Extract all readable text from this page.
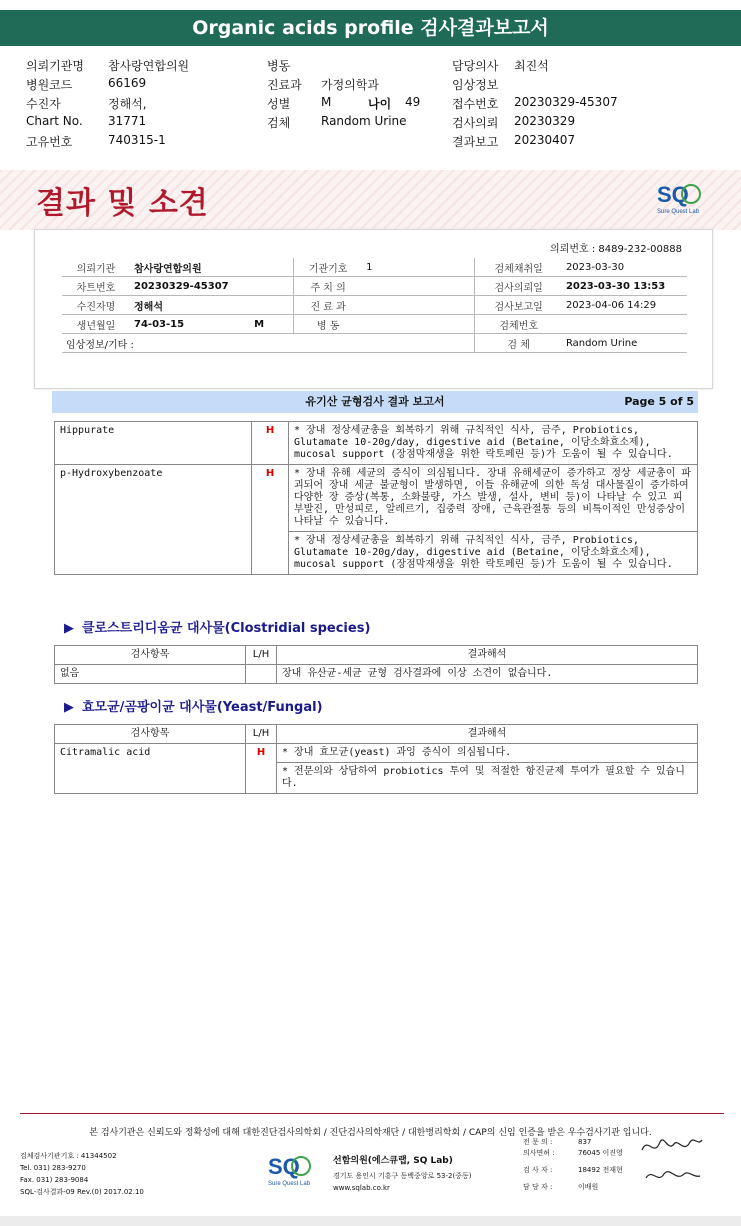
Organic acids profile 검사결과보고서
의뢰기관명 참사랑연합의원
병원코드	66169
수진자	정해석,
Chart No. 31771
고유번호	740315-1
병동
진료과 가정의학과
성별	M
검체	Random Urine
담당의사 최진석
임상정보
접수번호 20230329-45307
검사의뢰 20230329
결과보고 20230407
나이 49
결과 및 소견	SQ
Sure Quest Lab
의뢰번호 : 8489-232-00888
의뢰기관	참사랑연합의원	기관기호	1	검체채취일	2023-03-30
차트번호	20230329-45307	주 치 의		검사의뢰일	2023-03-30 13:53
수진자명	정해석	진 료 과		검사보고일	2023-04-06 14:29
생년월일	74-03-15 M	병 동		검체번호	
임상정보/기타 :				검 체	Random Urine
유기산 균형검사 결과 보고서	Page 5 of 5
Hippurate	H	* 장내 정상세균총을 회복하기 위해 규칙적인 식사, 금주, Probiotics, Glutamate 10-20g/day, digestive aid (Betaine, 이당소화효소제), mucosal support (장점막재생을 위한 락토페린 등)가 도움이 될 수 있습니다.
p-Hydroxybenzoate	H	* 장내 유해 세균의 증식이 의심됩니다. 장내 유해세균이 증가하고 정상 세균총이 파괴되어 장내 세균 불균형이 발생하면, 이들 유해균에 의한 독성 대사물질이 증가하여 다양한 장 증상(복통, 소화불량, 가스 발생, 설사, 변비 등)이 나타날 수 있고 피부발진, 만성피로, 알레르기, 집중력 장애, 근육관절통 등의 비특이적인 만성증상이 나타날 수 있습니다.
		* 장내 정상세균총을 회복하기 위해 규칙적인 식사, 금주, Probiotics, Glutamate 10-20g/day, digestive aid (Betaine, 이당소화효소제), mucosal support (장점막재생을 위한 락토페린 등)가 도움이 될 수 있습니다.
▶ 클로스트리디움균 대사물(Clostridial species)
검사항목	L/H	결과해석
없음		장내 유산균-세균 균형 검사결과에 이상 소견이 없습니다.
▶ 효모균/곰팡이균 대사물(Yeast/Fungal)
검사항목	L/H	결과해석
Citramalic acid	H	* 장내 효모균(yeast) 과잉 증식이 의심됩니다.
		* 전문의와 상담하여 probiotics 투여 및 적절한 항진균제 투여가 필요할 수 있습니다.
본 검사기관은 신뢰도와 정확성에 대해 대한진단검사의학회 / 진단검사의학재단 / 대한병리학회 / CAP의 신임 인증을 받은 우수검사기관 입니다.
검체검사기관기호 : 41344502
Tel. 031) 283-9270
Fax. 031) 283-9084
SQL-검사결과-09 Rev.(0) 2017.02.10
SQ
Sure Quest Lab
선함의원(에스큐랩, SQ Lab)
경기도 용인시 기흥구 동백중앙로 53-2(중동)
www.sqlab.co.kr
전 문 의 :	837
의사면허 :	76045 이진영
검 사 자 :	18492 전재현
담 당 자 :	이배원
